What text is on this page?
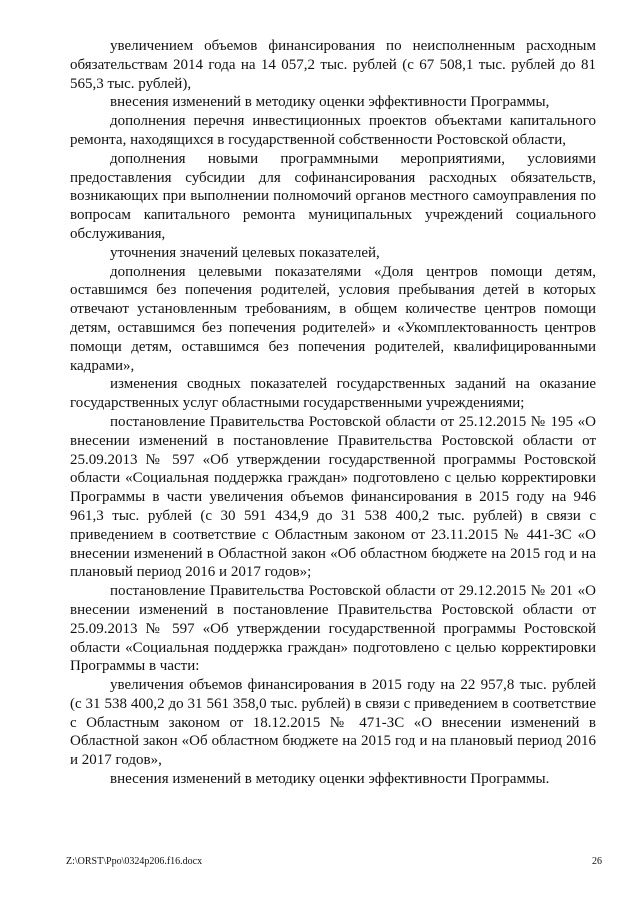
увеличением объемов финансирования по неисполненным расходным обязательствам 2014 года на 14 057,2 тыс. рублей (с 67 508,1 тыс. рублей до 81 565,3 тыс. рублей),

внесения изменений в методику оценки эффективности Программы,

дополнения перечня инвестиционных проектов объектами капитального ремонта, находящихся в государственной собственности Ростовской области,

дополнения новыми программными мероприятиями, условиями предоставления субсидии для софинансирования расходных обязательств, возникающих при выполнении полномочий органов местного самоуправления по вопросам капитального ремонта муниципальных учреждений социального обслуживания,

уточнения значений целевых показателей,

дополнения целевыми показателями «Доля центров помощи детям, оставшимся без попечения родителей, условия пребывания детей в которых отвечают установленным требованиям, в общем количестве центров помощи детям, оставшимся без попечения родителей» и «Укомплектованность центров помощи детям, оставшимся без попечения родителей, квалифицированными кадрами»,

изменения сводных показателей государственных заданий на оказание государственных услуг областными государственными учреждениями;

постановление Правительства Ростовской области от 25.12.2015 № 195 «О внесении изменений в постановление Правительства Ростовской области от 25.09.2013 № 597 «Об утверждении государственной программы Ростовской области «Социальная поддержка граждан» подготовлено с целью корректировки Программы в части увеличения объемов финансирования в 2015 году на 946 961,3 тыс. рублей (с 30 591 434,9 до 31 538 400,2 тыс. рублей) в связи с приведением в соответствие с Областным законом от 23.11.2015 № 441-ЗС «О внесении изменений в Областной закон «Об областном бюджете на 2015 год и на плановый период 2016 и 2017 годов»;

постановление Правительства Ростовской области от 29.12.2015 № 201 «О внесении изменений в постановление Правительства Ростовской области от 25.09.2013 № 597 «Об утверждении государственной программы Ростовской области «Социальная поддержка граждан» подготовлено с целью корректировки Программы в части:

увеличения объемов финансирования в 2015 году на 22 957,8 тыс. рублей (с 31 538 400,2 до 31 561 358,0 тыс. рублей) в связи с приведением в соответствие с Областным законом от 18.12.2015 № 471-ЗС «О внесении изменений в Областной закон «Об областном бюджете на 2015 год и на плановый период 2016 и 2017 годов»,

внесения изменений в методику оценки эффективности Программы.

Z:\ORST\Ppo\0324p206.f16.docx	26
